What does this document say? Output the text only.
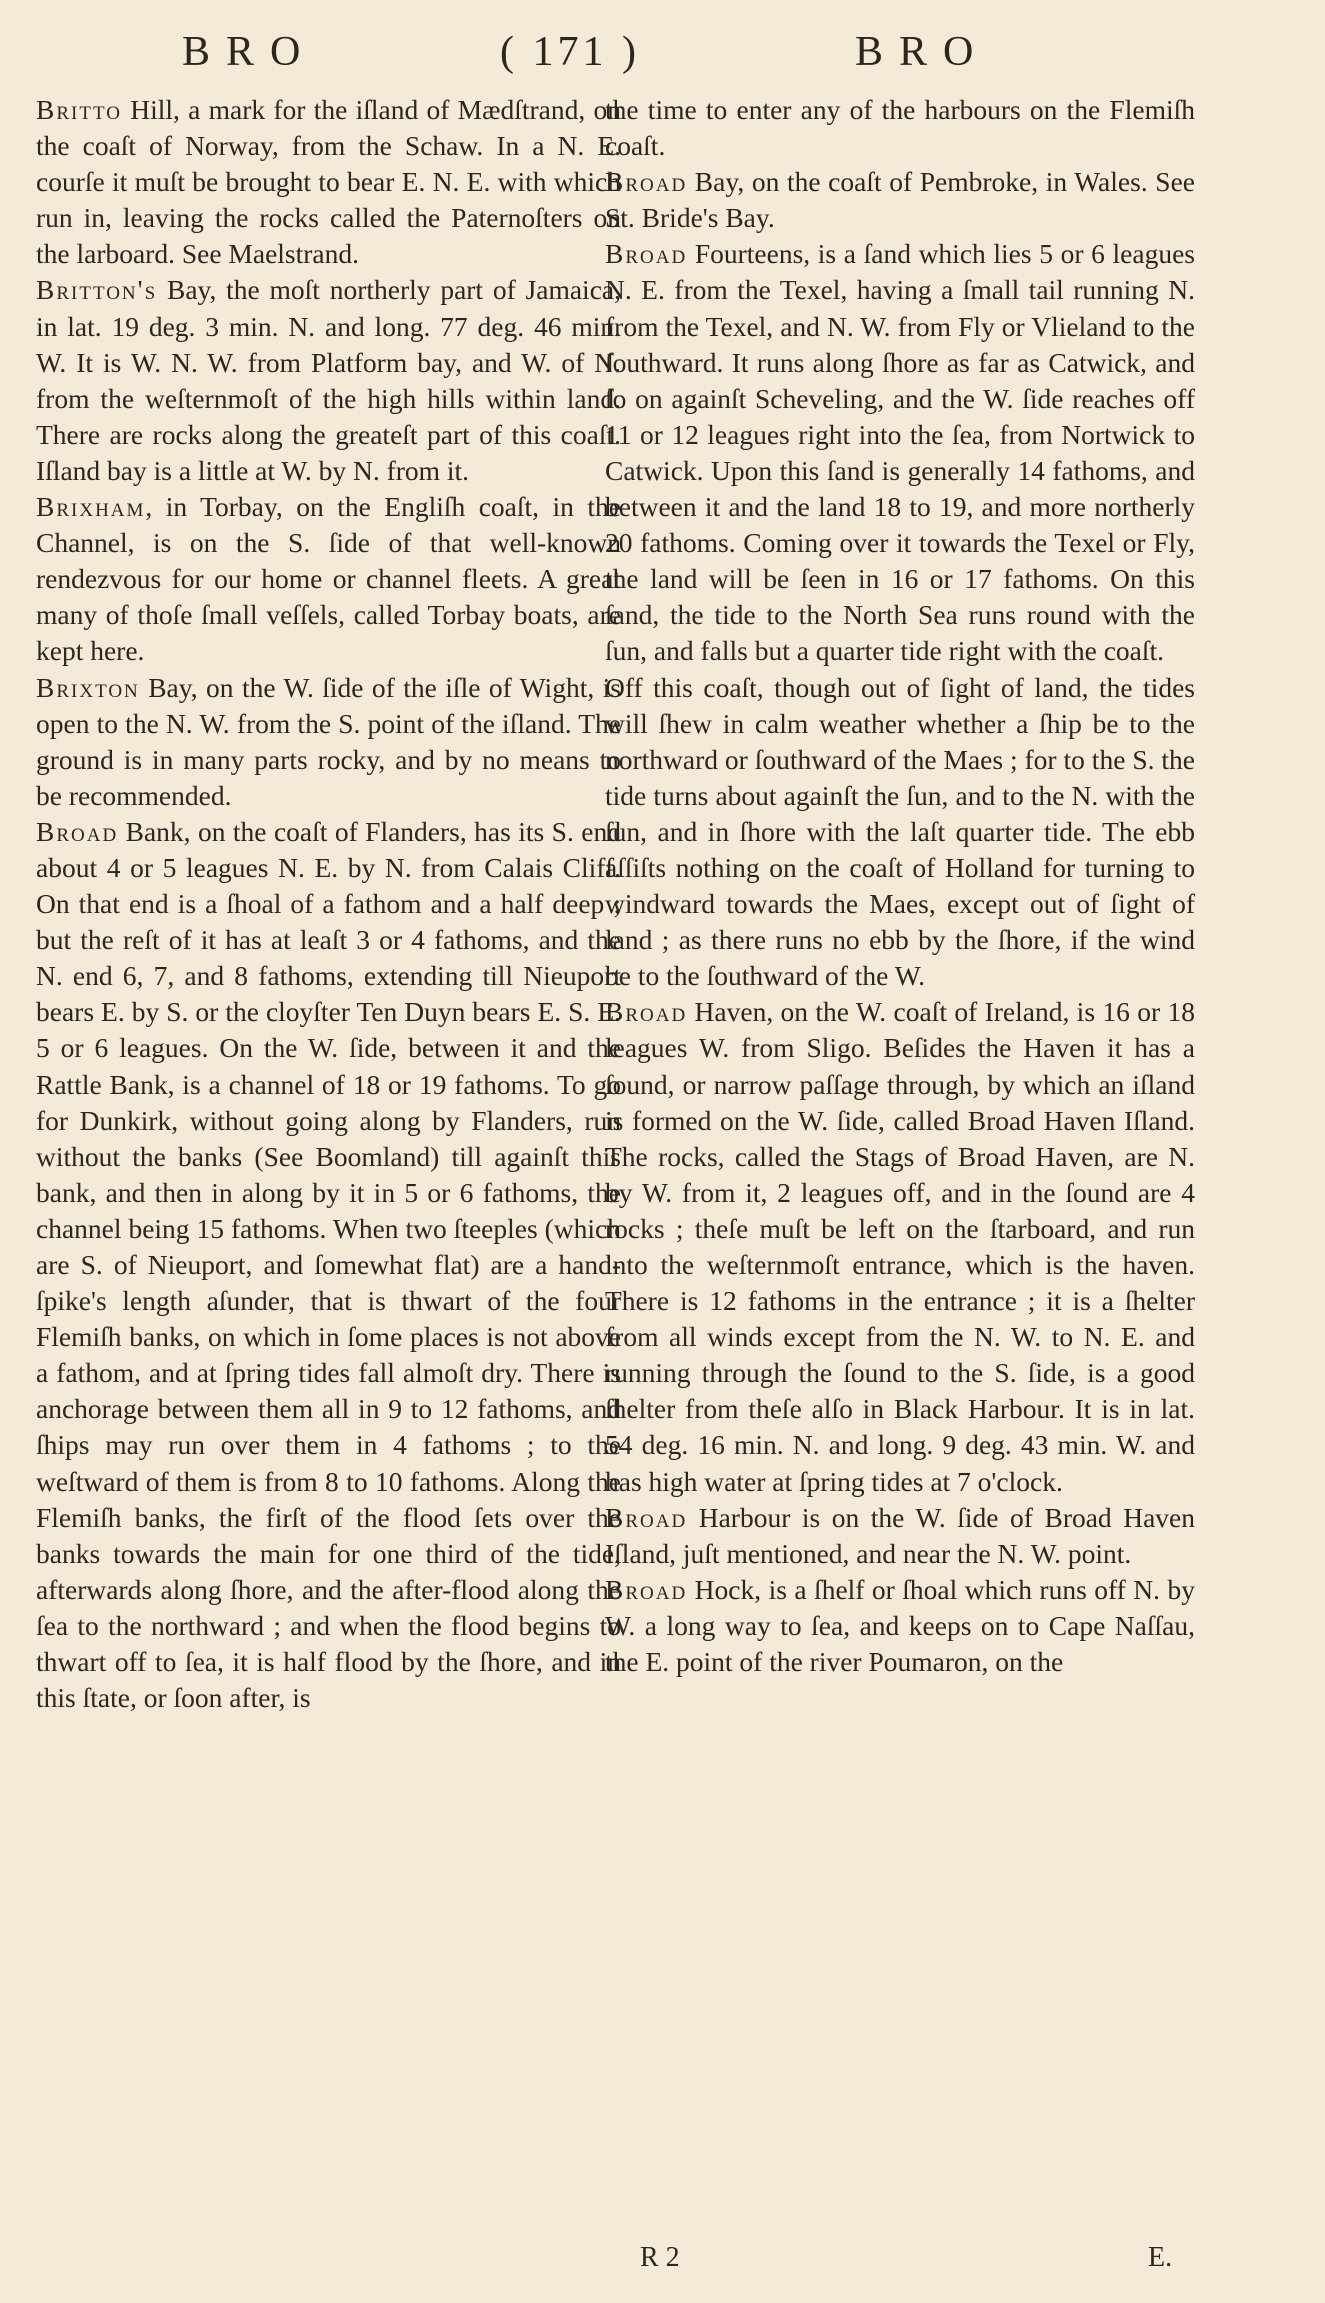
BRO	( 171 )	BRO

Britto Hill, a mark for the iſland of Mædſtrand, on the coaſt of Norway, from the Schaw. In a N. E. courſe it muſt be brought to bear E. N. E. with which run in, leaving the rocks called the Paternoſters on the larboard. See Maelstrand.

Britton's Bay, the moſt northerly part of Jamaica, in lat. 19 deg. 3 min. N. and long. 77 deg. 46 min. W. It is W. N. W. from Platform bay, and W. of N. from the weſternmoſt of the high hills within land. There are rocks along the greateſt part of this coaſt. Iſland bay is a little at W. by N. from it.

Brixham, in Torbay, on the Engliſh coaſt, in the Channel, is on the S. ſide of that well-known rendezvous for our home or channel fleets. A great many of thoſe ſmall veſſels, called Torbay boats, are kept here.

Brixton Bay, on the W. ſide of the iſle of Wight, is open to the N. W. from the S. point of the iſland. The ground is in many parts rocky, and by no means to be recommended.

Broad Bank, on the coaſt of Flanders, has its S. end about 4 or 5 leagues N. E. by N. from Calais Cliff. On that end is a ſhoal of a fathom and a half deep ; but the reſt of it has at leaſt 3 or 4 fathoms, and the N. end 6, 7, and 8 fathoms, extending till Nieuport bears E. by S. or the cloyſter Ten Duyn bears E. S. E. 5 or 6 leagues. On the W. ſide, between it and the Rattle Bank, is a channel of 18 or 19 fathoms. To go for Dunkirk, without going along by Flanders, run without the banks (See Boomland) till againſt this bank, and then in along by it in 5 or 6 fathoms, the channel being 15 fathoms. When two ſteeples (which are S. of Nieuport, and ſomewhat flat) are a hand-ſpike's length aſunder, that is thwart of the four Flemiſh banks, on which in ſome places is not above a fathom, and at ſpring tides fall almoſt dry. There is anchorage between them all in 9 to 12 fathoms, and ſhips may run over them in 4 fathoms ; to the weſtward of them is from 8 to 10 fathoms. Along the Flemiſh banks, the firſt of the flood ſets over the banks towards the main for one third of the tide, afterwards along ſhore, and the after-flood along the ſea to the northward ; and when the flood begins to thwart off to ſea, it is half flood by the ſhore, and in this ſtate, or ſoon after, is

the time to enter any of the harbours on the Flemiſh coaſt.

Broad Bay, on the coaſt of Pembroke, in Wales. See St. Bride's Bay.

Broad Fourteens, is a ſand which lies 5 or 6 leagues N. E. from the Texel, having a ſmall tail running N. from the Texel, and N. W. from Fly or Vlieland to the ſouthward. It runs along ſhore as far as Catwick, and ſo on againſt Scheveling, and the W. ſide reaches off 11 or 12 leagues right into the ſea, from Nortwick to Catwick. Upon this ſand is generally 14 fathoms, and between it and the land 18 to 19, and more northerly 20 fathoms. Coming over it towards the Texel or Fly, the land will be ſeen in 16 or 17 fathoms. On this ſand, the tide to the North Sea runs round with the ſun, and falls but a quarter tide right with the coaſt.

Off this coaſt, though out of ſight of land, the tides will ſhew in calm weather whether a ſhip be to the northward or ſouthward of the Maes ; for to the S. the tide turns about againſt the ſun, and to the N. with the ſun, and in ſhore with the laſt quarter tide. The ebb aſſiſts nothing on the coaſt of Holland for turning to windward towards the Maes, except out of ſight of land ; as there runs no ebb by the ſhore, if the wind be to the ſouthward of the W.

Broad Haven, on the W. coaſt of Ireland, is 16 or 18 leagues W. from Sligo. Beſides the Haven it has a ſound, or narrow paſſage through, by which an iſland is formed on the W. ſide, called Broad Haven Iſland. The rocks, called the Stags of Broad Haven, are N. by W. from it, 2 leagues off, and in the ſound are 4 rocks ; theſe muſt be left on the ſtarboard, and run into the weſternmoſt entrance, which is the haven. There is 12 fathoms in the entrance ; it is a ſhelter from all winds except from the N. W. to N. E. and running through the ſound to the S. ſide, is a good ſhelter from theſe alſo in Black Harbour. It is in lat. 54 deg. 16 min. N. and long. 9 deg. 43 min. W. and has high water at ſpring tides at 7 o'clock.

Broad Harbour is on the W. ſide of Broad Haven Iſland, juſt mentioned, and near the N. W. point.

Broad Hock, is a ſhelf or ſhoal which runs off N. by W. a long way to ſea, and keeps on to Cape Naſſau, the E. point of the river Poumaron, on the

R 2	E.
